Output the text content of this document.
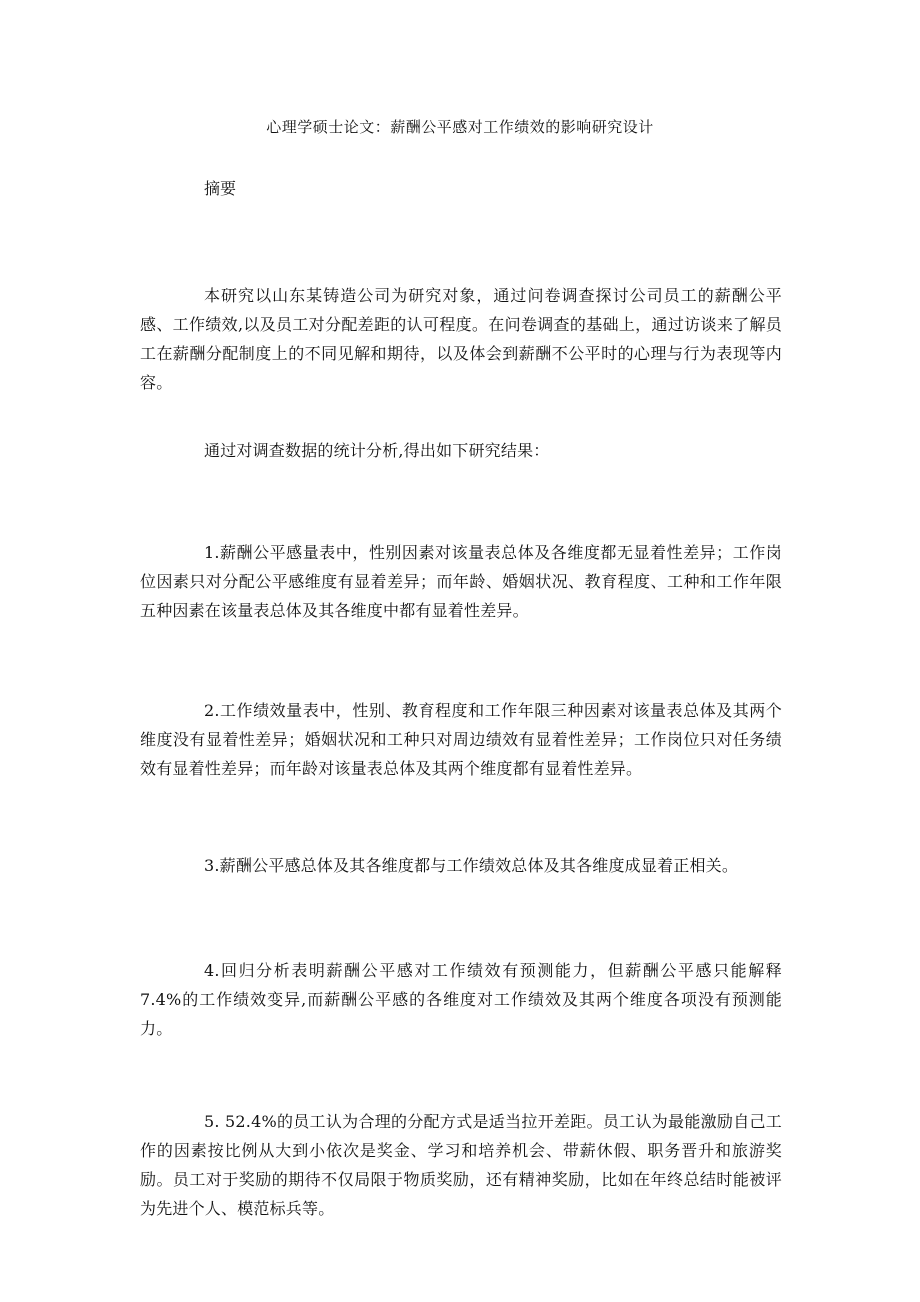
心理学硕士论文：薪酬公平感对工作绩效的影响研究设计
摘要

本研究以山东某铸造公司为研究对象，通过问卷调查探讨公司员工的薪酬公平感、工作绩效,以及员工对分配差距的认可程度。在问卷调查的基础上，通过访谈来了解员工在薪酬分配制度上的不同见解和期待，以及体会到薪酬不公平时的心理与行为表现等内容。

通过对调查数据的统计分析,得出如下研究结果：

1.薪酬公平感量表中，性别因素对该量表总体及各维度都无显着性差异；工作岗位因素只对分配公平感维度有显着差异；而年龄、婚姻状况、教育程度、工种和工作年限五种因素在该量表总体及其各维度中都有显着性差异。

2.工作绩效量表中，性别、教育程度和工作年限三种因素对该量表总体及其两个维度没有显着性差异；婚姻状况和工种只对周边绩效有显着性差异；工作岗位只对任务绩效有显着性差异；而年龄对该量表总体及其两个维度都有显着性差异。

3.薪酬公平感总体及其各维度都与工作绩效总体及其各维度成显着正相关。

4.回归分析表明薪酬公平感对工作绩效有预测能力，但薪酬公平感只能解释 7.4%的工作绩效变异,而薪酬公平感的各维度对工作绩效及其两个维度各项没有预测能力。

5. 52.4%的员工认为合理的分配方式是适当拉开差距。员工认为最能激励自己工作的因素按比例从大到小依次是奖金、学习和培养机会、带薪休假、职务晋升和旅游奖励。员工对于奖励的期待不仅局限于物质奖励，还有精神奖励，比如在年终总结时能被评为先进个人、模范标兵等。
